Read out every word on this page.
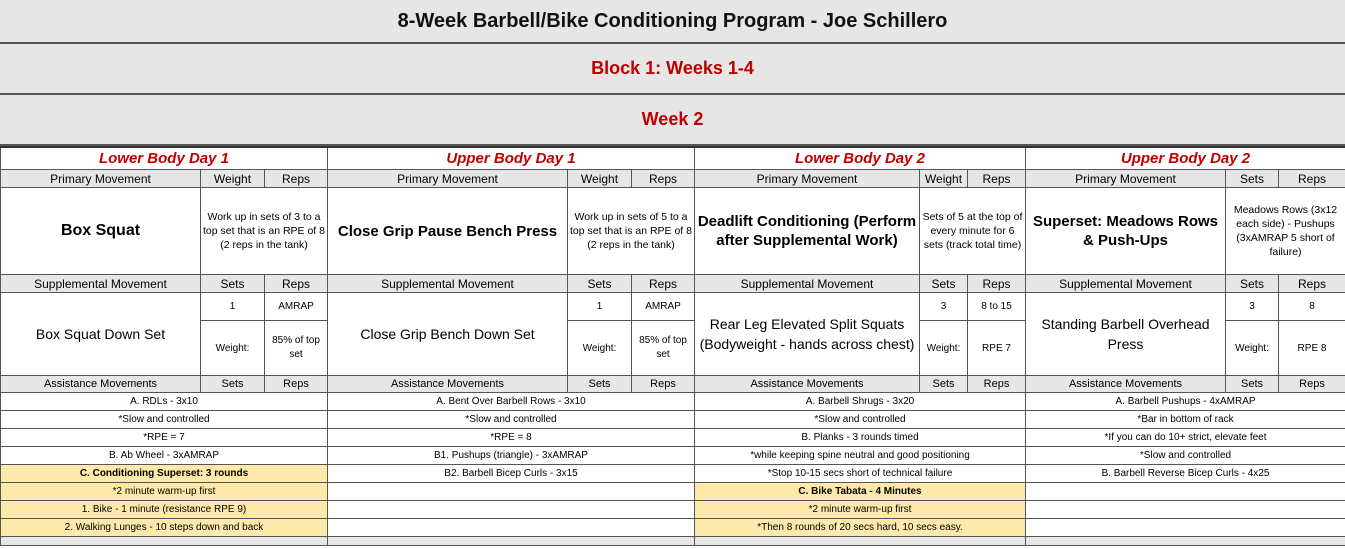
8-Week Barbell/Bike Conditioning Program - Joe Schillero
Block 1: Weeks 1-4
Week 2
Lower Body Day 1			Upper Body Day 1			Lower Body Day 2			Upper Body Day 2		
Primary Movement	Weight	Reps	Primary Movement	Weight	Reps	Primary Movement	Weight	Reps	Primary Movement	Sets	Reps
Box Squat	Work up in sets of 3 to a top set that is an RPE of 8 (2 reps in the tank)		Close Grip Pause Bench Press	Work up in sets of 5 to a top set that is an RPE of 8 (2 reps in the tank)		Deadlift Conditioning (Perform after Supplemental Work)	Sets of 5 at the top of every minute for 6 sets (track total time)		Superset: Meadows Rows & Push-Ups	Meadows Rows (3x12 each side) - Pushups (3xAMRAP 5 short of failure)	
Supplemental Movement	Sets	Reps	Supplemental Movement	Sets	Reps	Supplemental Movement	Sets	Reps	Supplemental Movement	Sets	Reps
Box Squat Down Set	1	AMRAP	Close Grip Bench Down Set	1	AMRAP	Rear Leg Elevated Split Squats (Bodyweight - hands across chest)	3	8 to 15	Standing Barbell Overhead Press	3	8
	Weight:	85% of top set		Weight:	85% of top set		Weight:	RPE 7		Weight:	RPE 8
Assistance Movements	Sets	Reps	Assistance Movements	Sets	Reps	Assistance Movements	Sets	Reps	Assistance Movements	Sets	Reps
A. RDLs - 3x10			A. Bent Over Barbell Rows - 3x10			A. Barbell Shrugs - 3x20			A. Barbell Pushups - 4xAMRAP		
*Slow and controlled			*Slow and controlled			*Slow and controlled			*Bar in bottom of rack		
*RPE = 7			*RPE = 8			B. Planks - 3 rounds timed			*If you can do 10+ strict, elevate feet		
B. Ab Wheel - 3xAMRAP			B1. Pushups (triangle) - 3xAMRAP			*while keeping spine neutral and good positioning			*Slow and controlled		
C. Conditioning Superset: 3 rounds			B2. Barbell Bicep Curls - 3x15			*Stop 10-15 secs short of technical failure			B. Barbell Reverse Bicep Curls - 4x25		
*2 minute warm-up first						C. Bike Tabata - 4 Minutes					
1. Bike - 1 minute (resistance RPE 9)						*2 minute warm-up first					
2. Walking Lunges - 10 steps down and back						*Then 8 rounds of 20 secs hard, 10 secs easy.					
